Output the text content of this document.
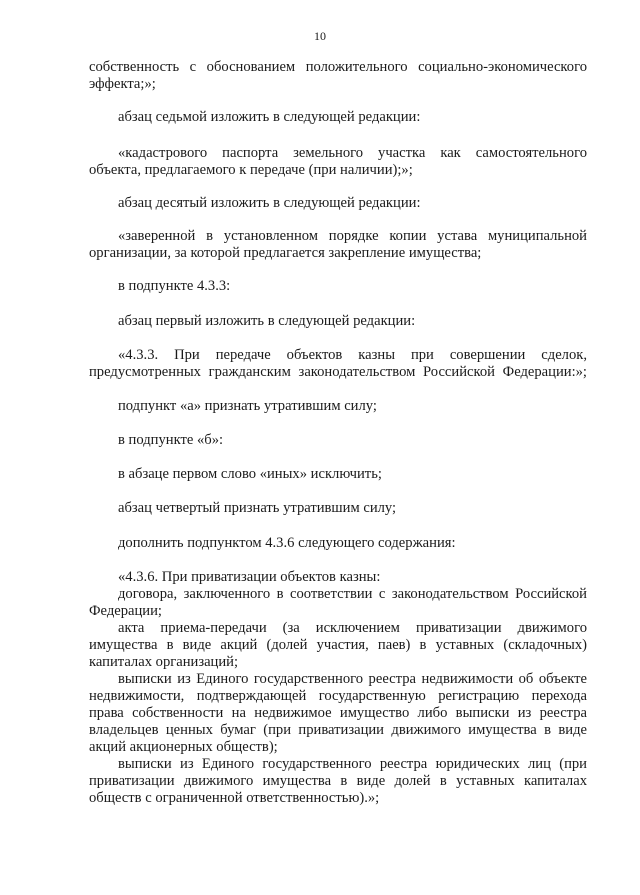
10
собственность с обоснованием положительного социально-экономического
эффекта;»;
абзац седьмой изложить в следующей редакции:
«кадастрового паспорта земельного участка как самостоятельного
объекта, предлагаемого к передаче (при наличии);»;
абзац десятый изложить в следующей редакции:
«заверенной в установленном порядке копии устава муниципальной
организации, за которой предлагается закрепление имущества;
в подпункте 4.3.3:
абзац первый изложить в следующей редакции:
«4.3.3. При передаче объектов казны при совершении сделок,
предусмотренных гражданским законодательством Российской Федерации:»;
подпункт «а» признать утратившим силу;
в подпункте «б»:
в абзаце первом слово «иных» исключить;
абзац четвертый признать утратившим силу;
дополнить подпунктом 4.3.6 следующего содержания:
«4.3.6. При приватизации объектов казны:
договора, заключенного в соответствии с законодательством Российской
Федерации;
акта приема-передачи (за исключением приватизации движимого
имущества в виде акций (долей участия, паев) в уставных (складочных)
капиталах организаций;
выписки из Единого государственного реестра недвижимости об объекте
недвижимости, подтверждающей государственную регистрацию перехода
права собственности на недвижимое имущество либо выписки из реестра
владельцев ценных бумаг (при приватизации движимого имущества в виде
акций акционерных обществ);
выписки из Единого государственного реестра юридических лиц (при
приватизации движимого имущества в виде долей в уставных капиталах
обществ с ограниченной ответственностью).»;
